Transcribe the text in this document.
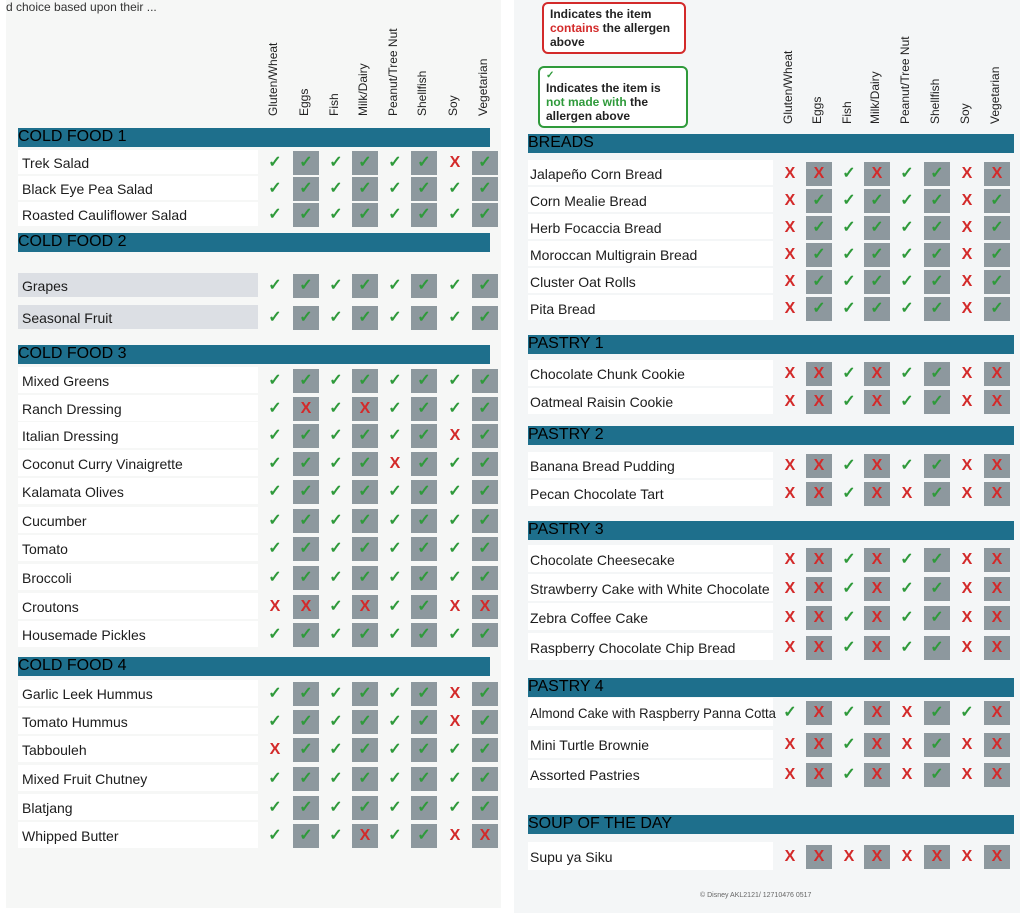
d choice based upon their ...
Gluten/Wheat Eggs Fish Milk/Dairy Peanut/Tree Nut Shellfish Soy Vegetarian
COLD FOOD 1
Trek Salad	✓	✓	✓ ✓	✓ ✓	X	✓
Black Eye Pea Salad	✓	✓	✓ ✓	✓ ✓	✓	✓
Roasted Cauliflower Salad	✓	✓	✓ ✓	✓ ✓	✓	✓
COLD FOOD 2
Grapes	✓	✓	✓ ✓	✓ ✓	✓	✓
Seasonal Fruit	✓	✓	✓ ✓	✓ ✓	✓	✓
COLD FOOD 3
Mixed Greens	✓	✓	✓ ✓	✓ ✓	✓	✓
Ranch Dressing	✓	X	✓	X	✓ ✓	✓	✓
Italian Dressing	✓	✓	✓ ✓	✓ ✓	X	✓
Coconut Curry Vinaigrette	✓	✓	✓ ✓	X	✓	✓	✓
Kalamata Olives	✓	✓	✓ ✓	✓ ✓	✓	✓
Cucumber	✓	✓	✓ ✓	✓ ✓	✓	✓
Tomato	✓	✓	✓ ✓	✓ ✓	✓	✓
Broccoli	✓	✓	✓ ✓	✓ ✓	✓	✓
Croutons	X	X	✓	X	✓ ✓	X	X
Housemade Pickles	✓	✓	✓ ✓	✓ ✓	✓	✓
COLD FOOD 4
Garlic Leek Hummus	✓	✓	✓ ✓	✓ ✓	X	✓
Tomato Hummus	✓	✓	✓ ✓	✓ ✓	X	✓
Tabbouleh	X	✓	✓ ✓	✓ ✓	✓	✓
Mixed Fruit Chutney	✓	✓	✓ ✓	✓ ✓	✓	✓
Blatjang	✓	✓	✓ ✓	✓ ✓	✓	✓
Whipped Butter	✓	✓	✓	X	✓ ✓	X	X
Indicates the item contains the allergen above
✓
Indicates the item is not made with the allergen above
© Disney AKL2121/ 12710476 0517
Gluten/Wheat Eggs Fish Milk/Dairy Peanut/Tree Nut Shellfish Soy Vegetarian
BREADS
Jalapeño Corn Bread	X	X	✓ X	✓	✓	X	X
Corn Mealie Bread	X	✓	✓ ✓	✓	✓	X	✓
Herb Focaccia Bread	X	✓	✓ ✓	✓	✓	X	✓
Moroccan Multigrain Bread	X	✓	✓ ✓	✓	✓	X	✓
Cluster Oat Rolls	X	✓	✓ ✓	✓	✓	X	✓
Pita Bread	X	✓	✓ ✓	✓	✓	X	✓
PASTRY 1
Chocolate Chunk Cookie	X	X	✓ X	✓	✓	X	X
Oatmeal Raisin Cookie	X	X	✓ X	✓	✓	X	X
PASTRY 2
Banana Bread Pudding	X	X	✓ X	✓	✓	X	X
Pecan Chocolate Tart	X	X	✓ X	X	✓	X	X
PASTRY 3
Chocolate Cheesecake	X	X	✓ X	✓	✓	X	X
Strawberry Cake with White Chocolate X	X	✓ X	✓	✓	X	X
Zebra Coffee Cake	X	X	✓ X	✓	✓	X	X
Raspberry Chocolate Chip Bread	X	X	✓ X	✓	✓	X	X
PASTRY 4
Almond Cake with Raspberry Panna Cotta ✓	X	✓ X	X	✓	✓	X
Mini Turtle Brownie	X	X	✓ X	X	✓	X	X
Assorted Pastries	X	X	✓ X	X	✓	X	X
SOUP OF THE DAY
Supu ya Siku	X	X	X	X	X	X	X	X
